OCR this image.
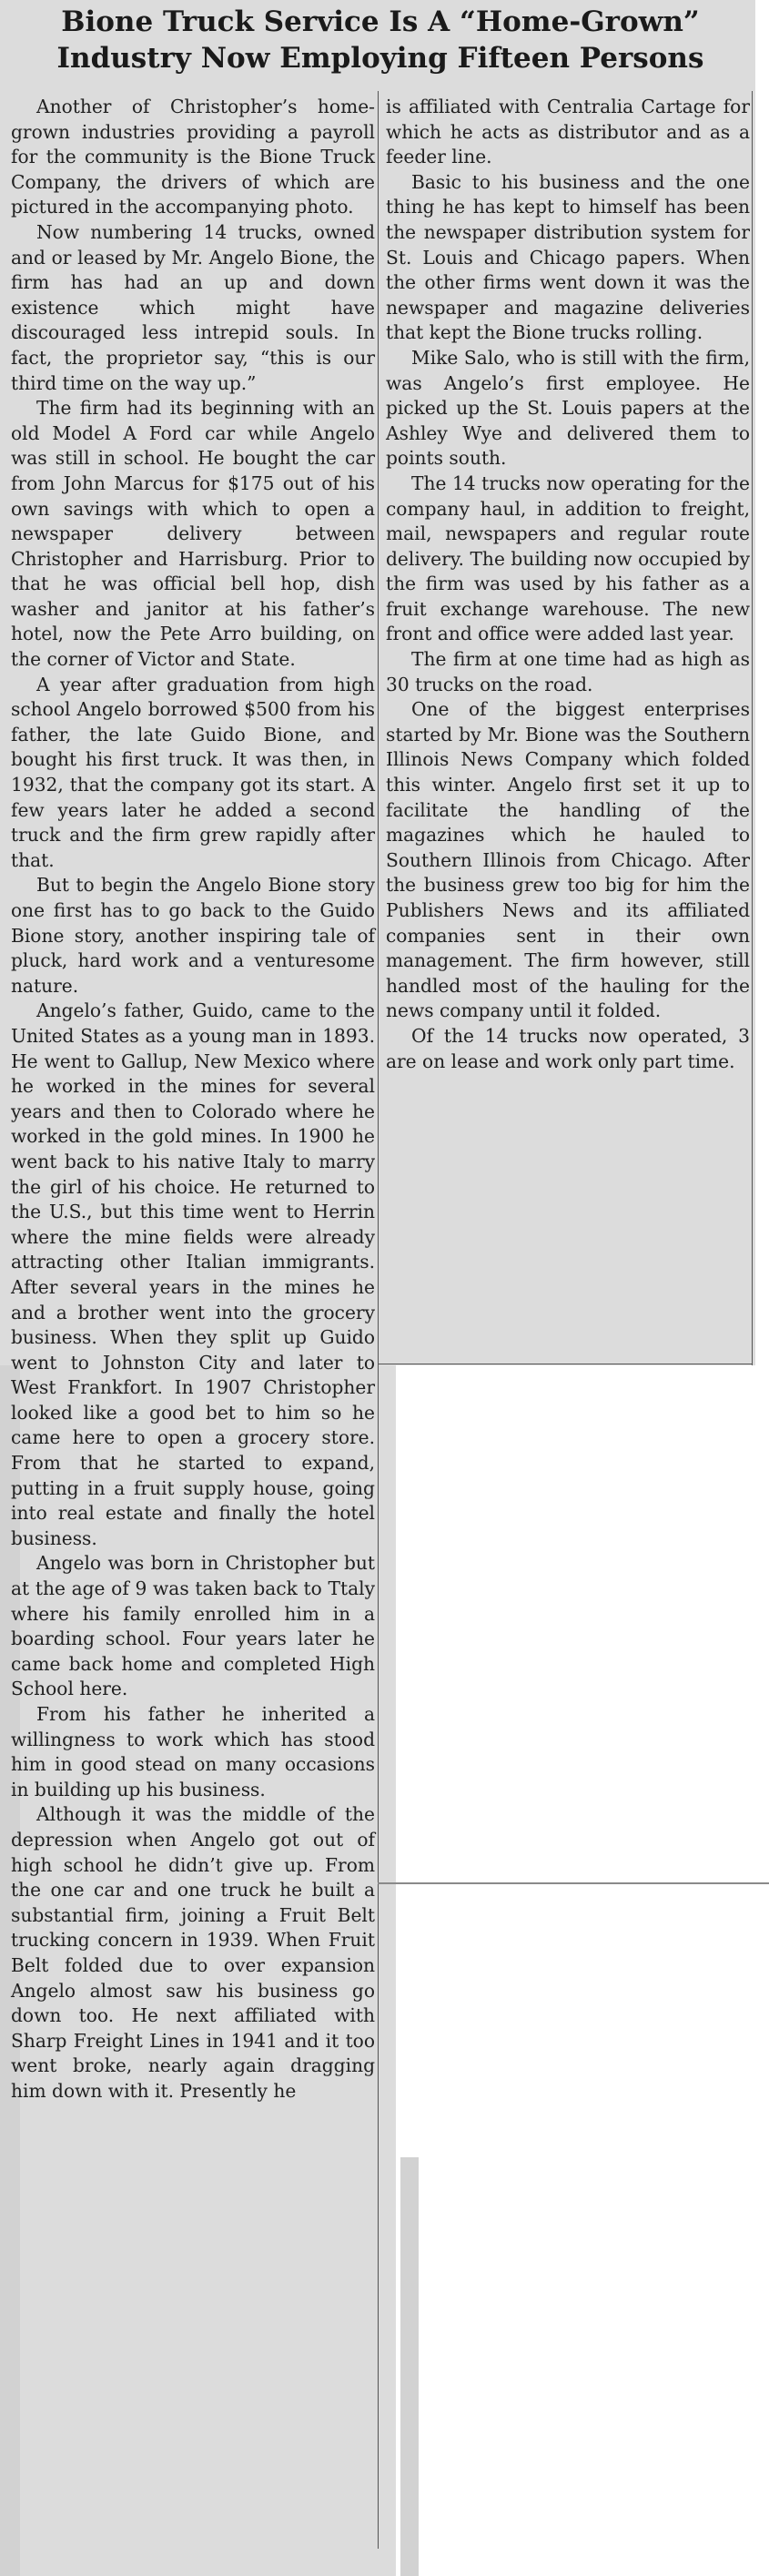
Bione Truck Service Is A “Home-Grown”
Industry Now Employing Fifteen Persons

Another of Christopher’s home-grown industries providing a payroll for the community is the Bione Truck Company, the drivers of which are pictured in the accompanying photo.

Now numbering 14 trucks, owned and or leased by Mr. Angelo Bione, the firm has had an up and down existence which might have discouraged less intrepid souls. In fact, the proprietor say, “this is our third time on the way up.”

The firm had its beginning with an old Model A Ford car while Angelo was still in school. He bought the car from John Marcus for $175 out of his own savings with which to open a newspaper delivery between Christopher and Harrisburg. Prior to that he was official bell hop, dish washer and janitor at his father’s hotel, now the Pete Arro building, on the corner of Victor and State.

A year after graduation from high school Angelo borrowed $500 from his father, the late Guido Bione, and bought his first truck. It was then, in 1932, that the company got its start. A few years later he added a second truck and the firm grew rapidly after that.

But to begin the Angelo Bione story one first has to go back to the Guido Bione story, another inspiring tale of pluck, hard work and a venturesome nature.

Angelo’s father, Guido, came to the United States as a young man in 1893. He went to Gallup, New Mexico where he worked in the mines for several years and then to Colorado where he worked in the gold mines. In 1900 he went back to his native Italy to marry the girl of his choice. He returned to the U.S., but this time went to Herrin where the mine fields were already attracting other Italian immigrants. After several years in the mines he and a brother went into the grocery business. When they split up Guido went to Johnston City and later to West Frankfort. In 1907 Christopher looked like a good bet to him so he came here to open a grocery store. From that he started to expand, putting in a fruit supply house, going into real estate and finally the hotel business.

Angelo was born in Christopher but at the age of 9 was taken back to Ttaly where his family enrolled him in a boarding school. Four years later he came back home and completed High School here.

From his father he inherited a willingness to work which has stood him in good stead on many occasions in building up his business.

Although it was the middle of the depression when Angelo got out of high school he didn’t give up. From the one car and one truck he built a substantial firm, joining a Fruit Belt trucking concern in 1939. When Fruit Belt folded due to over expansion Angelo almost saw his business go down too. He next affiliated with Sharp Freight Lines in 1941 and it too went broke, nearly again dragging him down with it. Presently he

is affiliated with Centralia Cartage for which he acts as distributor and as a feeder line.

Basic to his business and the one thing he has kept to himself has been the newspaper distribution system for St. Louis and Chicago papers. When the other firms went down it was the newspaper and magazine deliveries that kept the Bione trucks rolling.

Mike Salo, who is still with the firm, was Angelo’s first employee. He picked up the St. Louis papers at the Ashley Wye and delivered them to points south.

The 14 trucks now operating for the company haul, in addition to freight, mail, newspapers and regular route delivery. The building now occupied by the firm was used by his father as a fruit exchange warehouse. The new front and office were added last year.

The firm at one time had as high as 30 trucks on the road.

One of the biggest enterprises started by Mr. Bione was the Southern Illinois News Company which folded this winter. Angelo first set it up to facilitate the handling of the magazines which he hauled to Southern Illinois from Chicago. After the business grew too big for him the Publishers News and its affiliated companies sent in their own management. The firm however, still handled most of the hauling for the news company until it folded.

Of the 14 trucks now operated, 3 are on lease and work only part time.
